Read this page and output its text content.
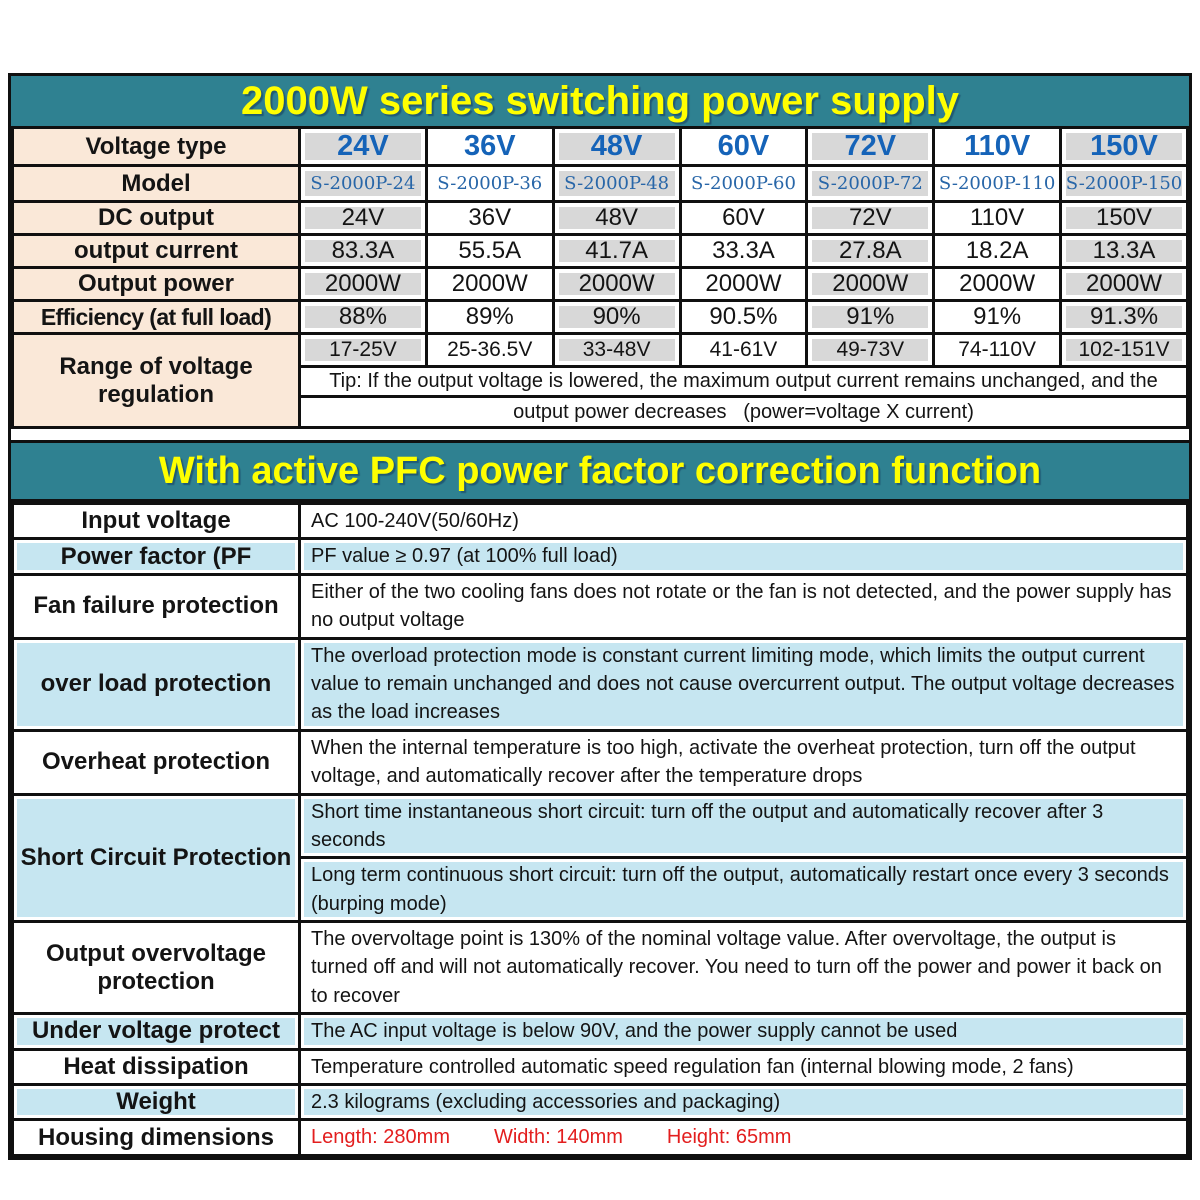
2000W series switching power supply
Voltage type	24V	36V	48V	60V	72V	110V	150V
Model	S-2000P-24	S-2000P-36	S-2000P-48	S-2000P-60	S-2000P-72	S-2000P-110	S-2000P-150
DC output	24V	36V	48V	60V	72V	110V	150V
output current	83.3A	55.5A	41.7A	33.3A	27.8A	18.2A	13.3A
Output power	2000W	2000W	2000W	2000W	2000W	2000W	2000W
Efficiency (at full load)	88%	89%	90%	90.5%	91%	91%	91.3%
Range of voltage regulation	17-25V	25-36.5V	33-48V	41-61V	49-73V	74-110V	102-151V
	Tip: If the output voltage is lowered, the maximum output current remains unchanged, and the						
	output power decreases   (power=voltage X current)						
With active PFC power factor correction function
Input voltage	AC 100-240V(50/60Hz)
Power factor (PF	PF value ≥ 0.97 (at 100% full load)
Fan failure protection	Either of the two cooling fans does not rotate or the fan is not detected, and the power supply has no output voltage
over load protection	The overload protection mode is constant current limiting mode, which limits the output current value to remain unchanged and does not cause overcurrent output. The output voltage decreases as the load increases
Overheat protection	When the internal temperature is too high, activate the overheat protection, turn off the output voltage, and automatically recover after the temperature drops
Short Circuit Protection	Short time instantaneous short circuit: turn off the output and automatically recover after 3 seconds
	Long term continuous short circuit: turn off the output, automatically restart once every 3 seconds (burping mode)
Output overvoltage protection	The overvoltage point is 130% of the nominal voltage value. After overvoltage, the output is turned off and will not automatically recover. You need to turn off the power and power it back on to recover
Under voltage protect	The AC input voltage is below 90V, and the power supply cannot be used
Heat dissipation	Temperature controlled automatic speed regulation fan (internal blowing mode, 2 fans)
Weight	2.3 kilograms (excluding accessories and packaging)
Housing dimensions	Length: 280mm Width: 140mm Height: 65mm
